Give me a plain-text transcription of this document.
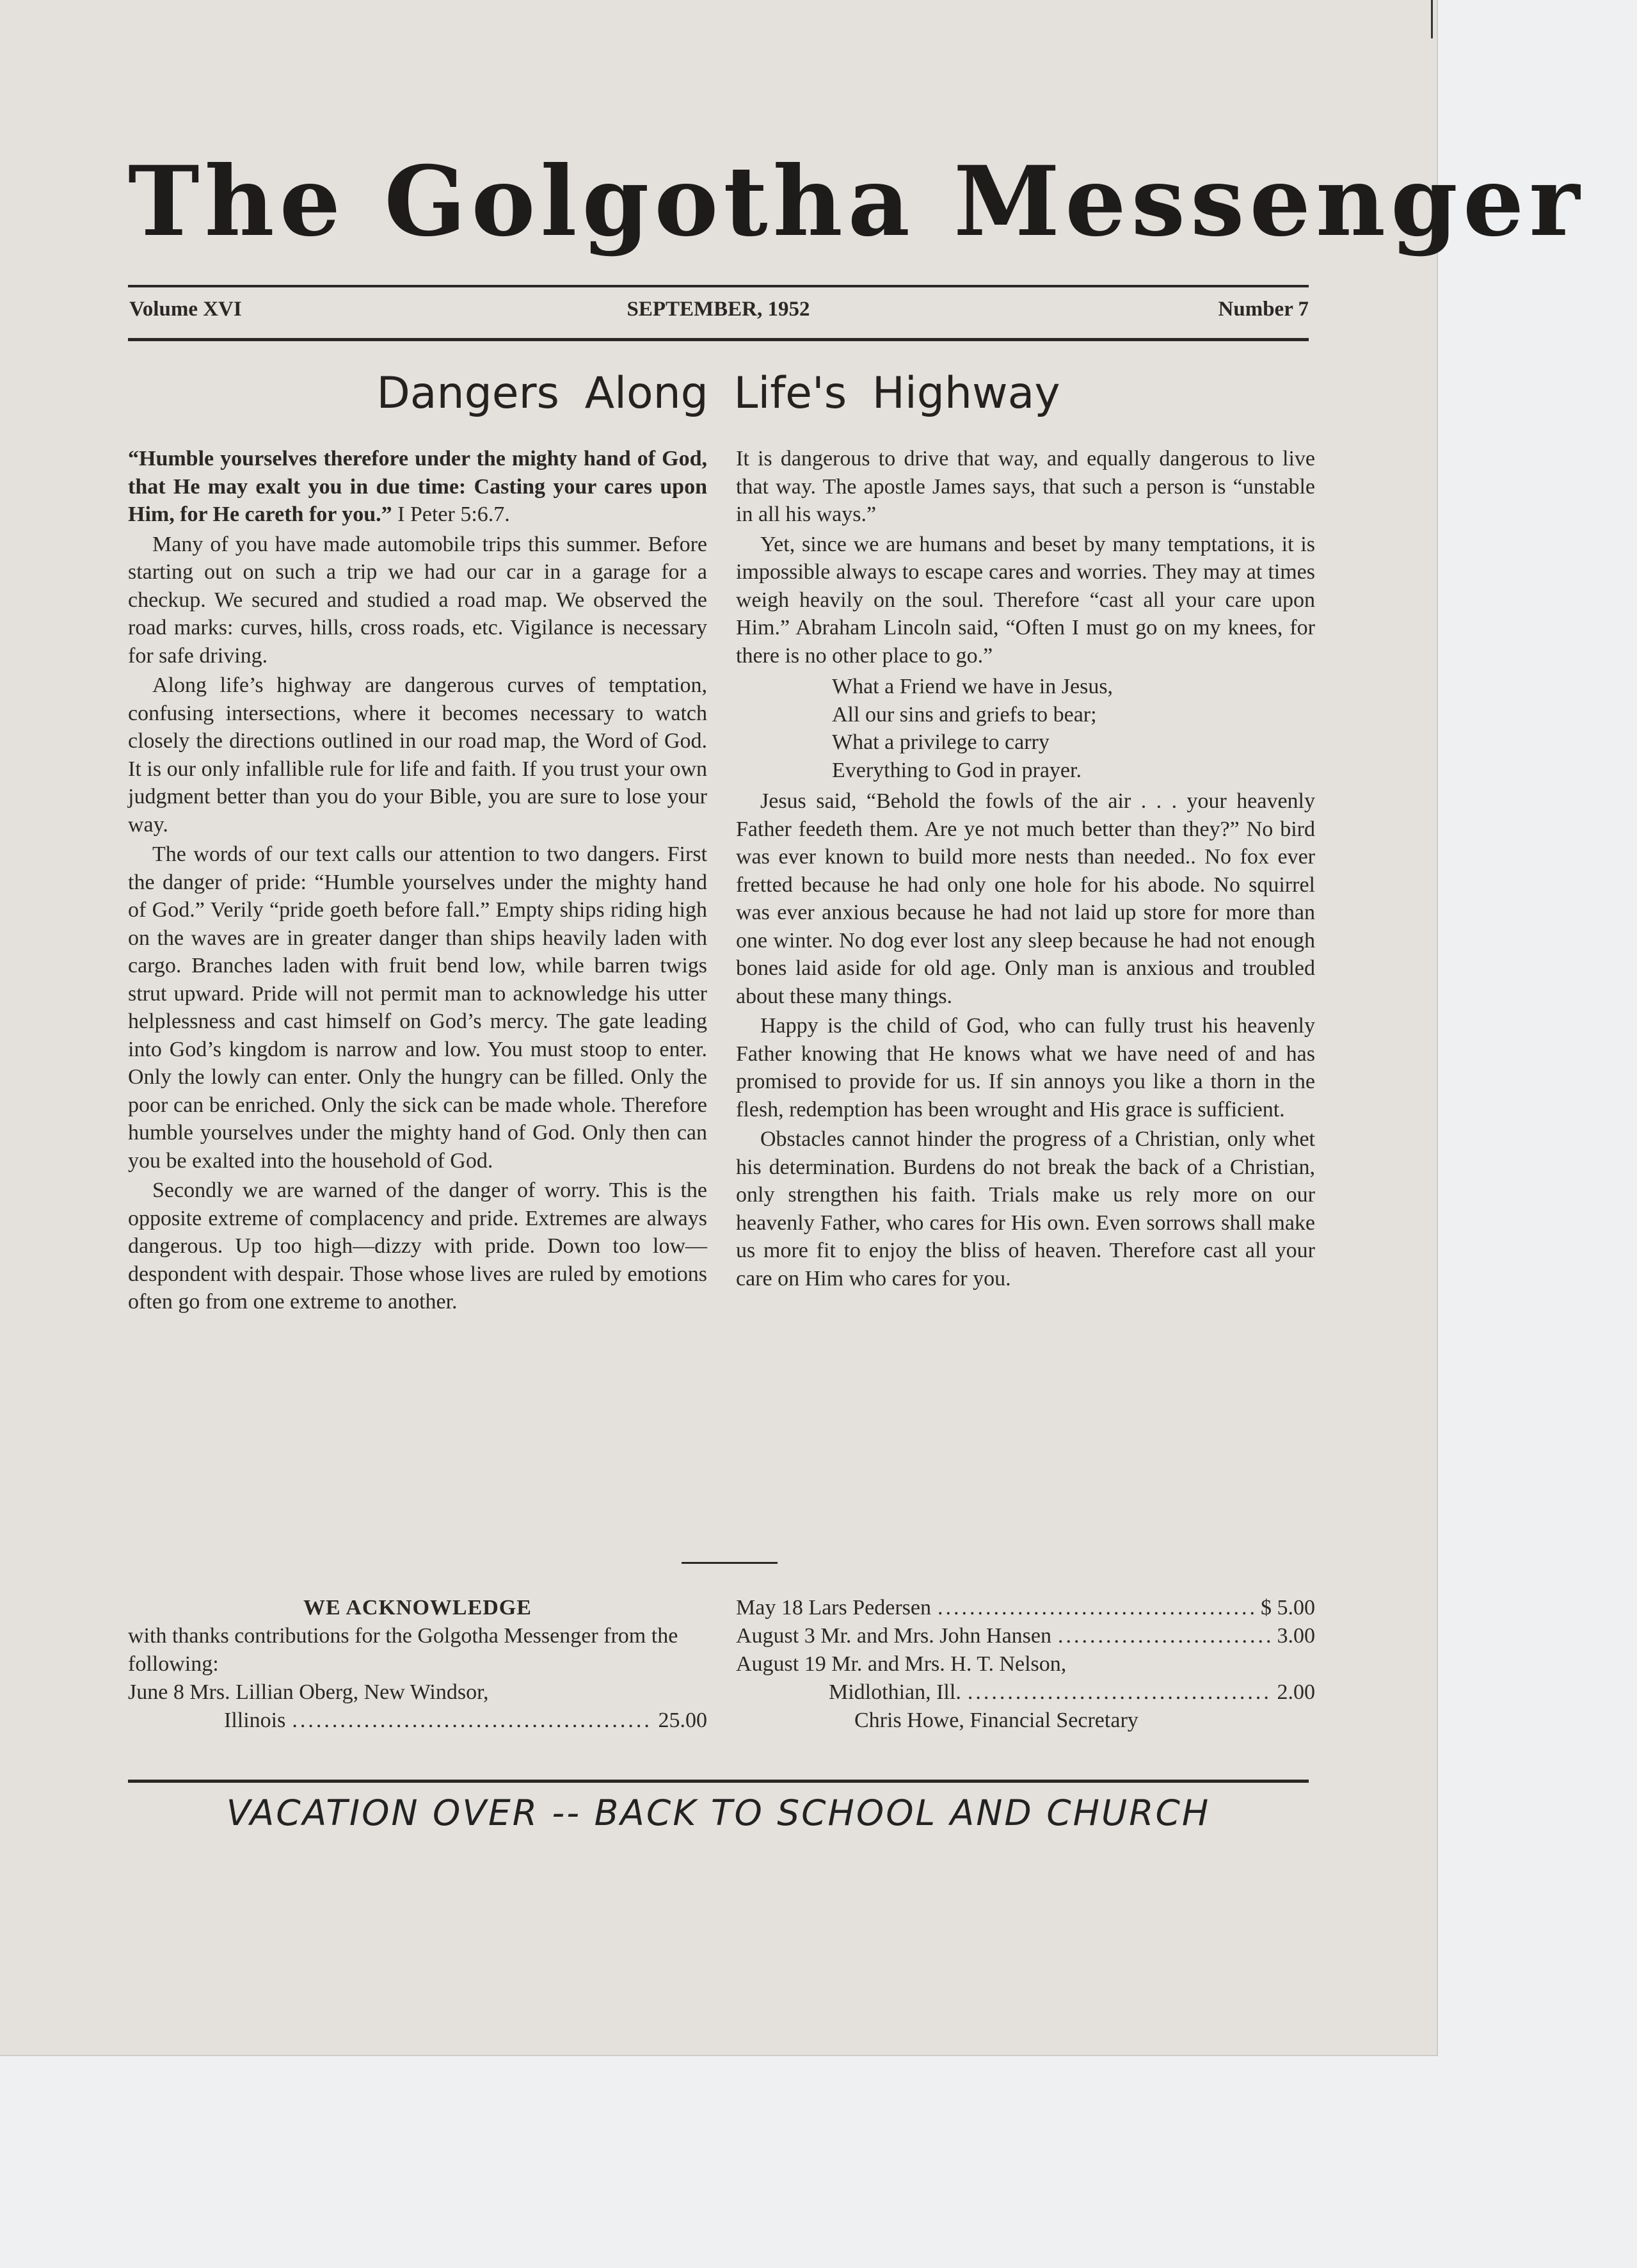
The Golgotha Messenger
Volume XVI	SEPTEMBER, 1952	Number 7
Dangers Along Life's Highway

“Humble yourselves therefore under the mighty hand of God, that He may exalt you in due time: Casting your cares upon Him, for He careth for you.” I Peter 5:6.7.

Many of you have made automobile trips this summer. Before starting out on such a trip we had our car in a garage for a checkup. We secured and studied a road map. We observed the road marks: curves, hills, cross roads, etc. Vigilance is necessary for safe driving.

Along life’s highway are dangerous curves of temptation, confusing intersections, where it becomes necessary to watch closely the directions outlined in our road map, the Word of God. It is our only infallible rule for life and faith. If you trust your own judgment better than you do your Bible, you are sure to lose your way.

The words of our text calls our attention to two dangers. First the danger of pride: “Humble yourselves under the mighty hand of God.” Verily “pride goeth before fall.” Empty ships riding high on the waves are in greater danger than ships heavily laden with cargo. Branches laden with fruit bend low, while barren twigs strut upward. Pride will not permit man to acknowledge his utter helplessness and cast himself on God’s mercy. The gate leading into God’s kingdom is narrow and low. You must stoop to enter. Only the lowly can enter. Only the hungry can be filled. Only the poor can be enriched. Only the sick can be made whole. Therefore humble yourselves under the mighty hand of God. Only then can you be exalted into the household of God.

Secondly we are warned of the danger of worry. This is the opposite extreme of complacency and pride. Extremes are always dangerous. Up too high—dizzy with pride. Down too low—despondent with despair. Those whose lives are ruled by emotions often go from one extreme to another.

It is dangerous to drive that way, and equally dangerous to live that way. The apostle James says, that such a person is “unstable in all his ways.”

Yet, since we are humans and beset by many temptations, it is impossible always to escape cares and worries. They may at times weigh heavily on the soul. Therefore “cast all your care upon Him.” Abraham Lincoln said, “Often I must go on my knees, for there is no other place to go.”

What a Friend we have in Jesus,
All our sins and griefs to bear;
What a privilege to carry
Everything to God in prayer.

Jesus said, “Behold the fowls of the air . . . your heavenly Father feedeth them. Are ye not much better than they?” No bird was ever known to build more nests than needed.. No fox ever fretted because he had only one hole for his abode. No squirrel was ever anxious because he had not laid up store for more than one winter. No dog ever lost any sleep because he had not enough bones laid aside for old age. Only man is anxious and troubled about these many things.

Happy is the child of God, who can fully trust his heavenly Father knowing that He knows what we have need of and has promised to provide for us. If sin annoys you like a thorn in the flesh, redemption has been wrought and His grace is sufficient.

Obstacles cannot hinder the progress of a Christian, only whet his determination. Burdens do not break the back of a Christian, only strengthen his faith. Trials make us rely more on our heavenly Father, who cares for His own. Even sorrows shall make us more fit to enjoy the bliss of heaven. Therefore cast all your care on Him who cares for you.

WE ACKNOWLEDGE
with thanks contributions for the Golgotha Messenger from the following:
June 8 Mrs. Lillian Oberg, New Windsor,
Illinois .....	25.00
May 18 Lars Pedersen .....	$ 5.00
August 3 Mr. and Mrs. John Hansen .....	3.00
August 19 Mr. and Mrs. H. T. Nelson,
Midlothian, Ill. .....	2.00
Chris Howe, Financial Secretary
VACATION OVER -- BACK TO SCHOOL AND CHURCH
